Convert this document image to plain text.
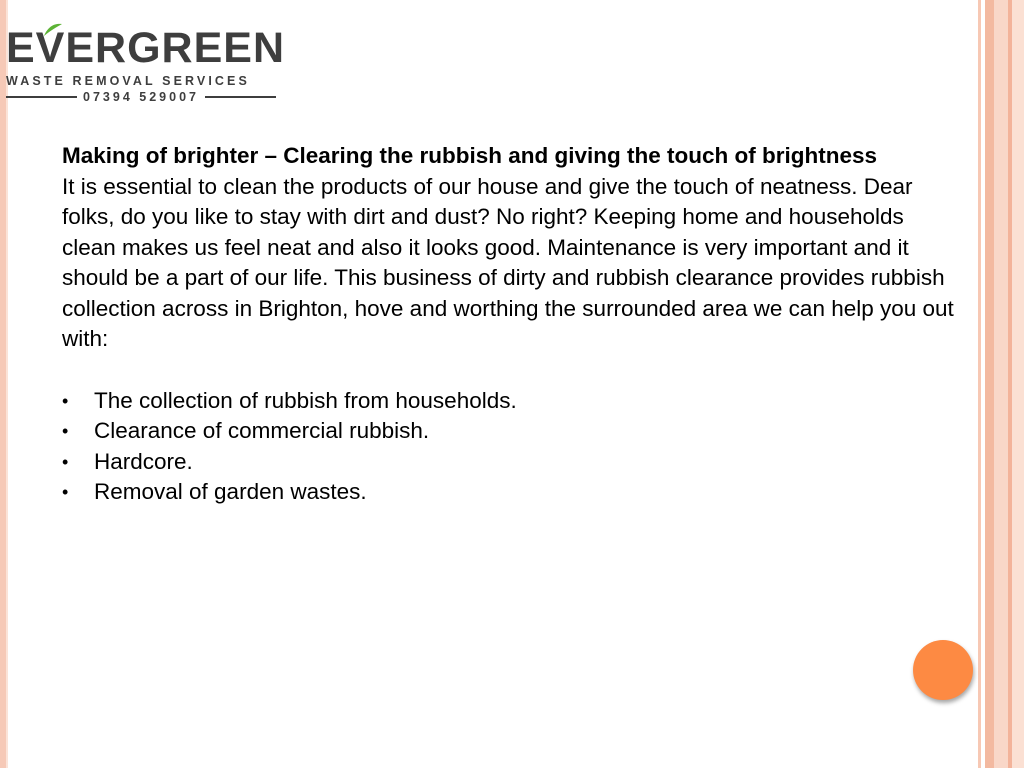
EVERGREEN
WASTE REMOVAL SERVICES
07394 529007

Making of brighter – Clearing the rubbish and giving the touch of brightness

It is essential to clean the products of our house and give the touch of neatness. Dear folks, do you like to stay with dirt and dust? No right? Keeping home and households clean makes us feel neat and also it looks good. Maintenance is very important and it should be a part of our life. This business of dirty and rubbish clearance provides rubbish collection across in Brighton, hove and worthing the surrounded area we can help you out with:

• The collection of rubbish from households.
• Clearance of commercial rubbish.
• Hardcore.
• Removal of garden wastes.
